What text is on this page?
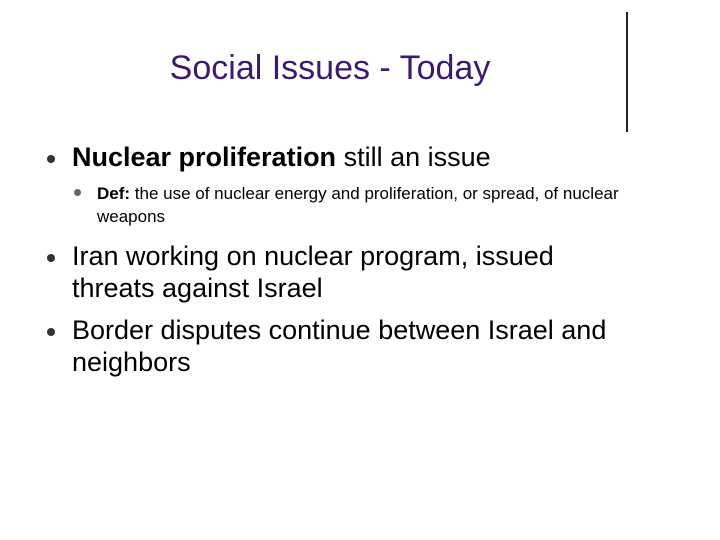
Social Issues - Today
Nuclear proliferation still an issue
Def: the use of nuclear energy and proliferation, or spread, of nuclear weapons
Iran working on nuclear program, issued threats against Israel
Border disputes continue between Israel and neighbors
